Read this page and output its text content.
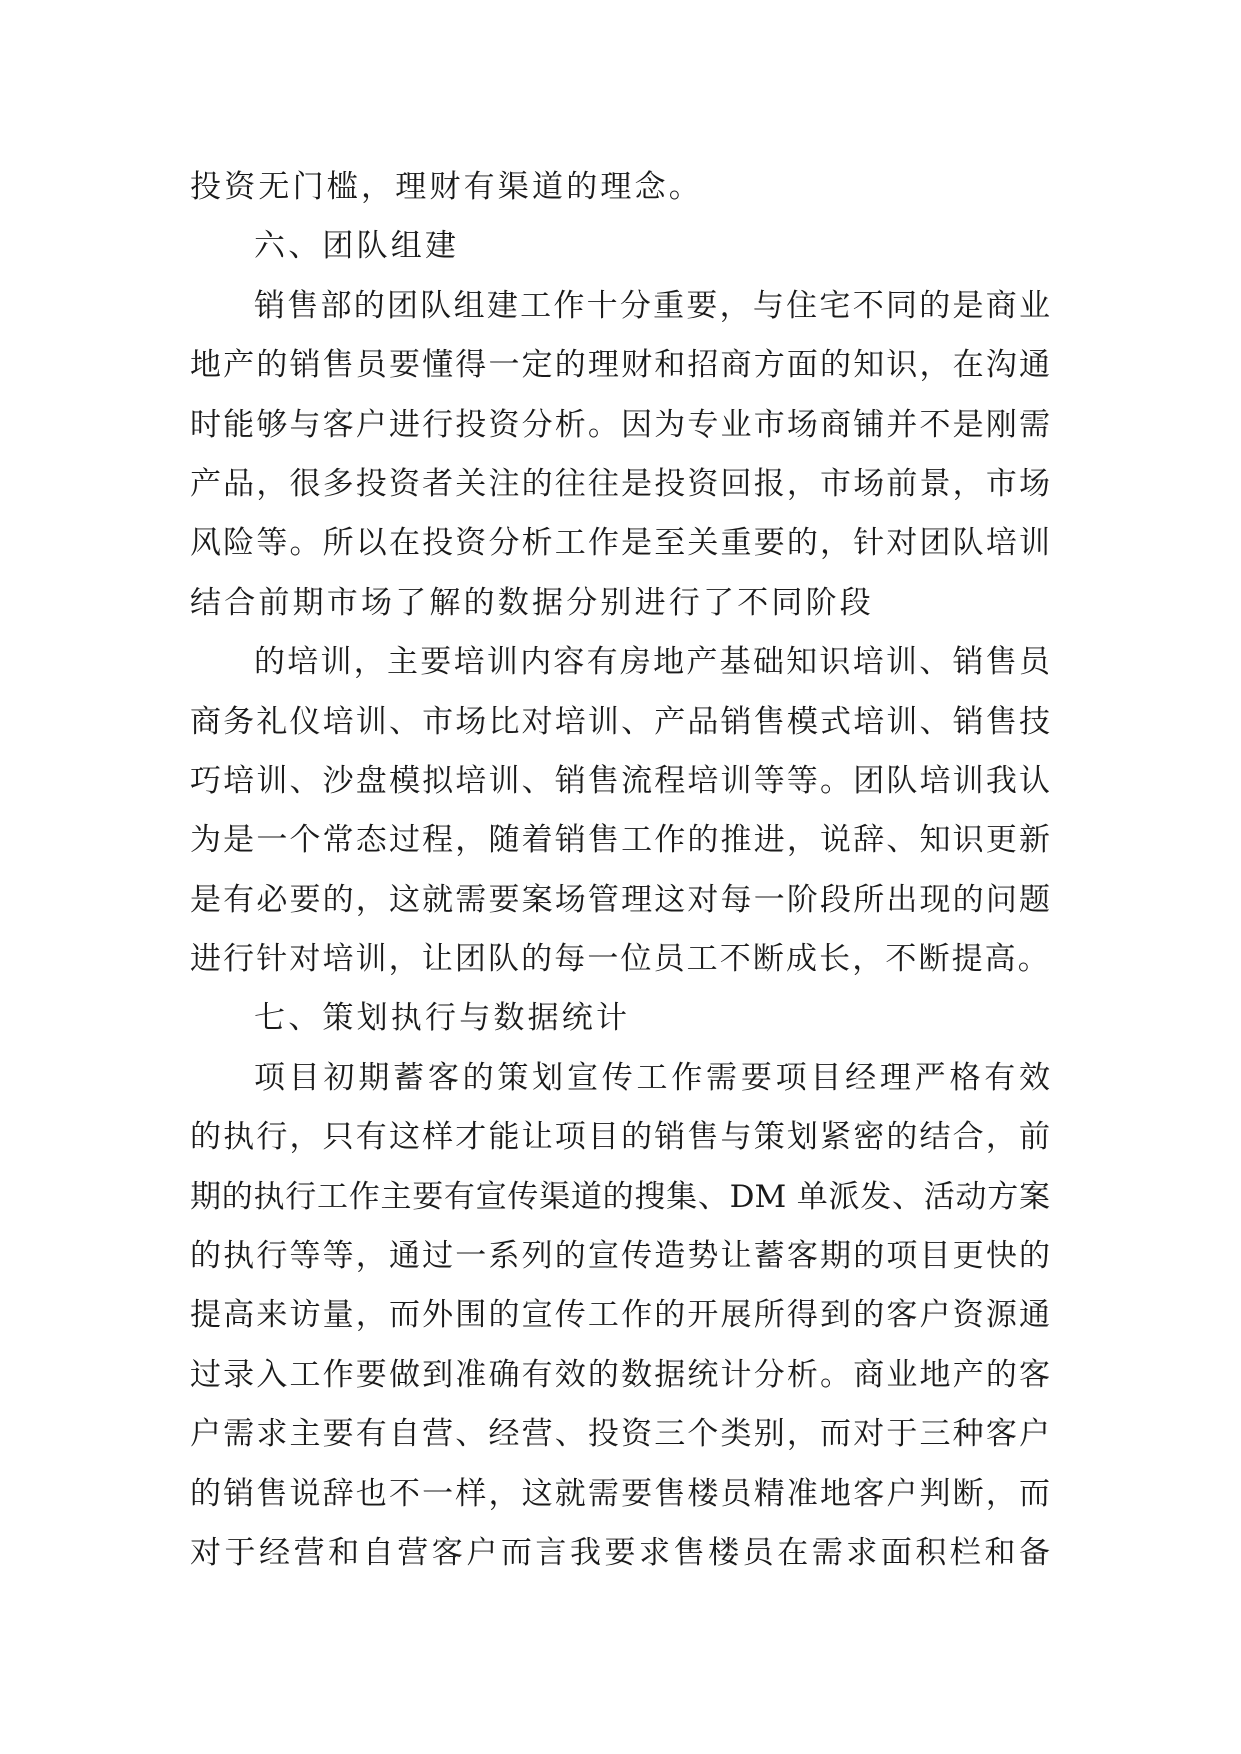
投资无门槛，理财有渠道的理念。
六、团队组建
销售部的团队组建工作十分重要，与住宅不同的是商业
地产的销售员要懂得一定的理财和招商方面的知识，在沟通
时能够与客户进行投资分析。因为专业市场商铺并不是刚需
产品，很多投资者关注的往往是投资回报，市场前景，市场
风险等。所以在投资分析工作是至关重要的，针对团队培训
结合前期市场了解的数据分别进行了不同阶段
的培训，主要培训内容有房地产基础知识培训、销售员
商务礼仪培训、市场比对培训、产品销售模式培训、销售技
巧培训、沙盘模拟培训、销售流程培训等等。团队培训我认
为是一个常态过程，随着销售工作的推进，说辞、知识更新
是有必要的，这就需要案场管理这对每一阶段所出现的问题
进行针对培训，让团队的每一位员工不断成长，不断提高。
七、策划执行与数据统计
项目初期蓄客的策划宣传工作需要项目经理严格有效
的执行，只有这样才能让项目的销售与策划紧密的结合，前
期的执行工作主要有宣传渠道的搜集、DM 单派发、活动方案
的执行等等，通过一系列的宣传造势让蓄客期的项目更快的
提高来访量，而外围的宣传工作的开展所得到的客户资源通
过录入工作要做到准确有效的数据统计分析。商业地产的客
户需求主要有自营、经营、投资三个类别，而对于三种客户
的销售说辞也不一样，这就需要售楼员精准地客户判断，而
对于经营和自营客户而言我要求售楼员在需求面积栏和备
